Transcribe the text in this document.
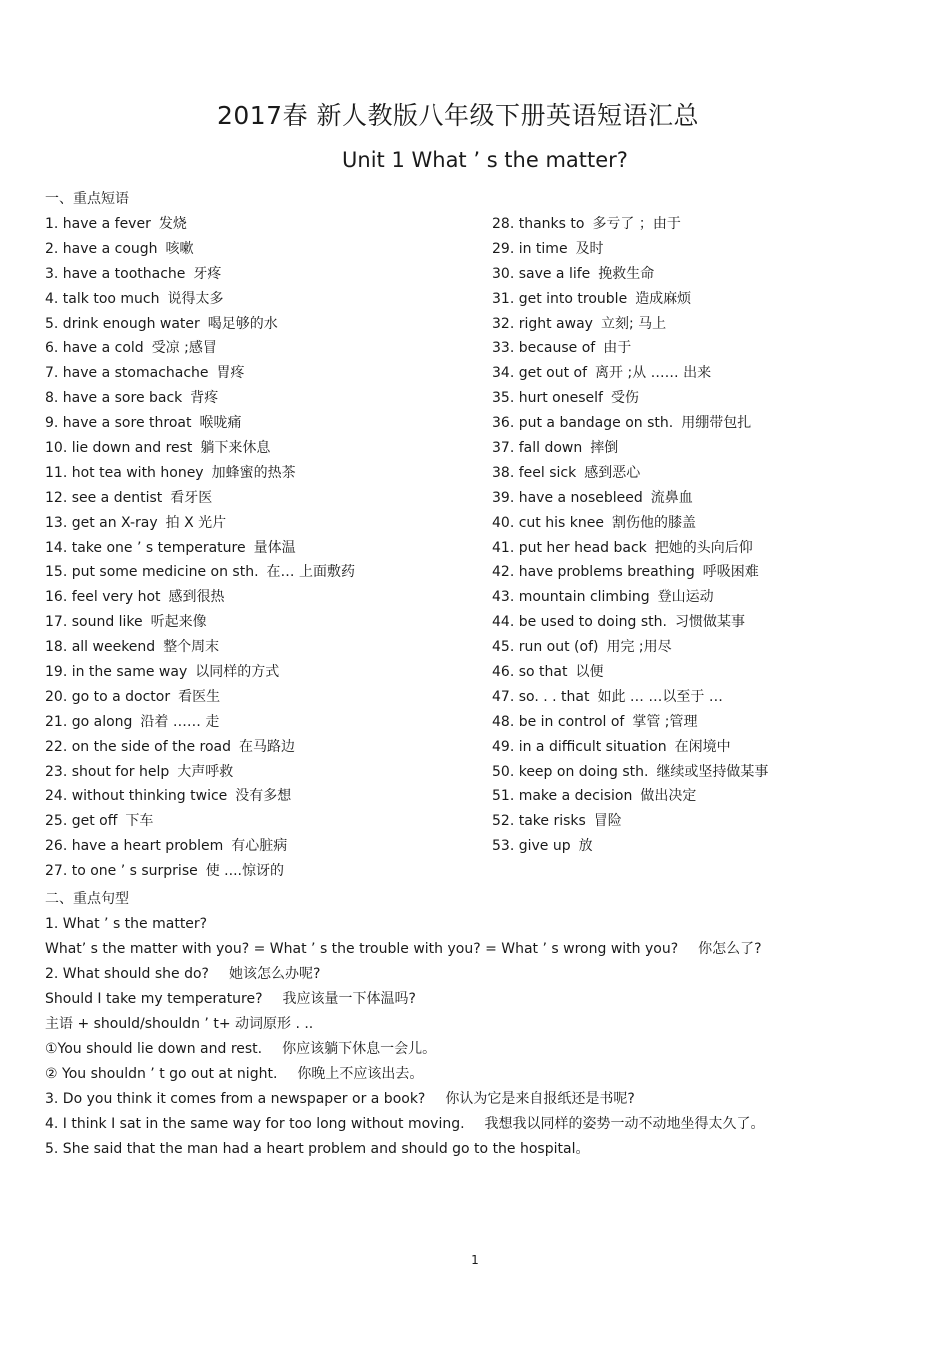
2017春 新人教版八年级下册英语短语汇总
Unit 1 What ’ s the matter?
一、重点短语
1. have a fever 发烧
2. have a cough 咳嗽
3. have a toothache 牙疼
4. talk too much 说得太多
5. drink enough water 喝足够的水
6. have a cold 受凉 ;感冒
7. have a stomachache 胃疼
8. have a sore back 背疼
9. have a sore throat 喉咙痛
10. lie down and rest 躺下来休息
11. hot tea with honey 加蜂蜜的热茶
12. see a dentist 看牙医
13. get an X-ray 拍 X 光片
14. take one ’ s temperature 量体温
15. put some medicine on sth. 在… 上面敷药
16. feel very hot 感到很热
17. sound like 听起来像
18. all weekend 整个周末
19. in the same way 以同样的方式
20. go to a doctor 看医生
21. go along 沿着 …… 走
22. on the side of the road 在马路边
23. shout for help 大声呼救
24. without thinking twice 没有多想
25. get off 下车
26. have a heart problem 有心脏病
27. to one ’ s surprise 使 ....惊讶的
28. thanks to 多亏了 ；由于
29. in time 及时
30. save a life 挽救生命
31. get into trouble 造成麻烦
32. right away 立刻; 马上
33. because of 由于
34. get out of 离开 ;从 …… 出来
35. hurt oneself 受伤
36. put a bandage on sth. 用绷带包扎
37. fall down 摔倒
38. feel sick 感到恶心
39. have a nosebleed 流鼻血
40. cut his knee 割伤他的膝盖
41. put her head back 把她的头向后仰
42. have problems breathing 呼吸困难
43. mountain climbing 登山运动
44. be used to doing sth. 习惯做某事
45. run out (of) 用完 ;用尽
46. so that 以便
47. so. . . that 如此 … …以至于 …
48. be in control of 掌管 ;管理
49. in a difficult situation 在闲境中
50. keep on doing sth. 继续或坚持做某事
51. make a decision 做出决定
52. take risks 冒险
53. give up 放
二、重点句型
1. What ’ s the matter?
What’ s the matter with you? = What ’ s the trouble with you? = What ’ s wrong with you? 你怎么了?
2. What should she do? 她该怎么办呢?
Should I take my temperature? 我应该量一下体温吗?
主语 + should/shouldn ’ t+ 动词原形 . ..
①You should lie down and rest. 你应该躺下休息一会儿。
② You shouldn ’ t go out at night. 你晚上不应该出去。
3. Do you think it comes from a newspaper or a book? 你认为它是来自报纸还是书呢?
4. I think I sat in the same way for too long without moving. 我想我以同样的姿势一动不动地坐得太久了。
5. She said that the man had a heart problem and should go to the hospital。
1
